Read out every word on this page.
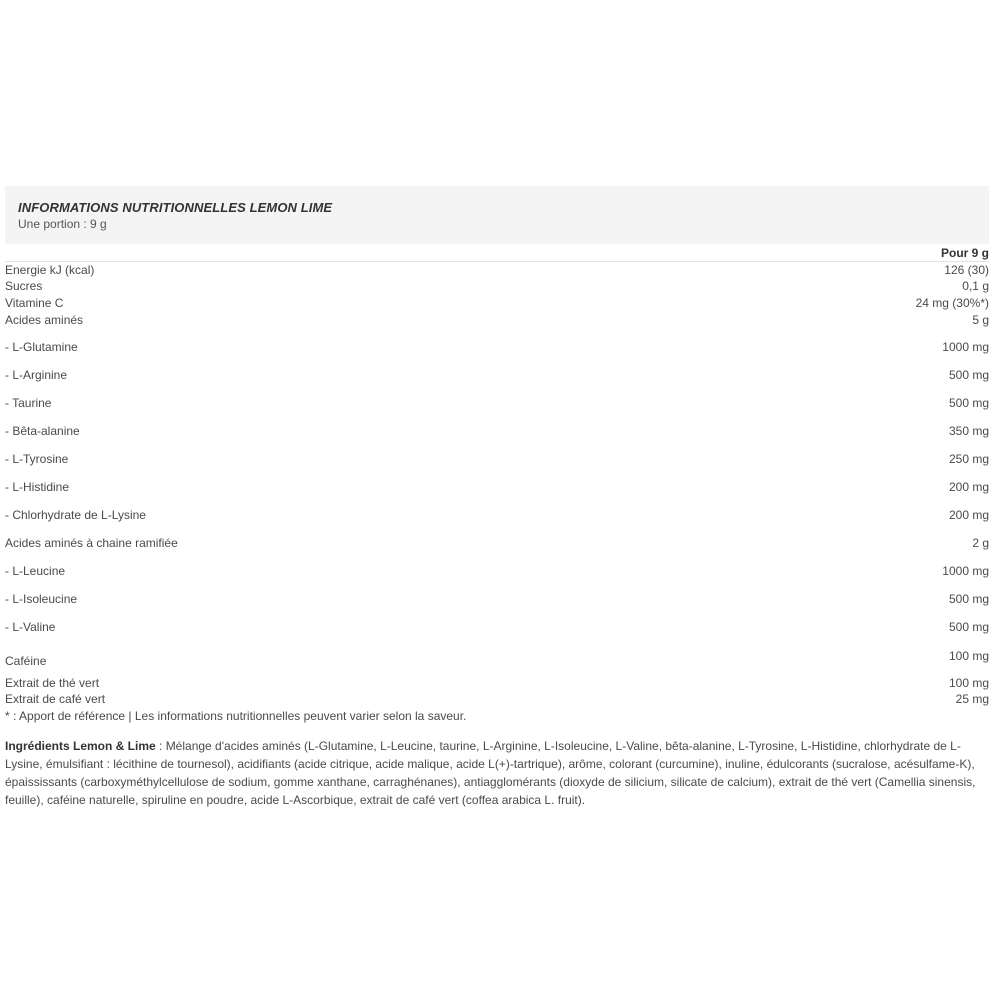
INFORMATIONS NUTRITIONNELLES LEMON LIME
Une portion : 9 g
Pour 9 g
Energie kJ (kcal)	126 (30)
Sucres	0,1 g
Vitamine C	24 mg (30%*)
Acides aminés	5 g
- L-Glutamine	1000 mg
- L-Arginine	500 mg
- Taurine	500 mg
- Bêta-alanine	350 mg
- L-Tyrosine	250 mg
- L-Histidine	200 mg
- Chlorhydrate de L-Lysine	200 mg
Acides aminés à chaine ramifiée	2 g
- L-Leucine	1000 mg
- L-Isoleucine	500 mg
- L-Valine	500 mg
Caféine	100 mg
Extrait de thé vert	100 mg
Extrait de café vert	25 mg
* : Apport de référence | Les informations nutritionnelles peuvent varier selon la saveur.
Ingrédients Lemon & Lime : Mélange d'acides aminés (L-Glutamine, L-Leucine, taurine, L-Arginine, L-Isoleucine, L-Valine, bêta-alanine, L-Tyrosine, L-Histidine, chlorhydrate de L-Lysine, émulsifiant : lécithine de tournesol), acidifiants (acide citrique, acide malique, acide L(+)-tartrique), arôme, colorant (curcumine), inuline, édulcorants (sucralose, acésulfame-K), épaississants (carboxyméthylcellulose de sodium, gomme xanthane, carraghénanes), antiagglomérants (dioxyde de silicium, silicate de calcium), extrait de thé vert (Camellia sinensis, feuille), caféine naturelle, spiruline en poudre, acide L-Ascorbique, extrait de café vert (coffea arabica L. fruit).
